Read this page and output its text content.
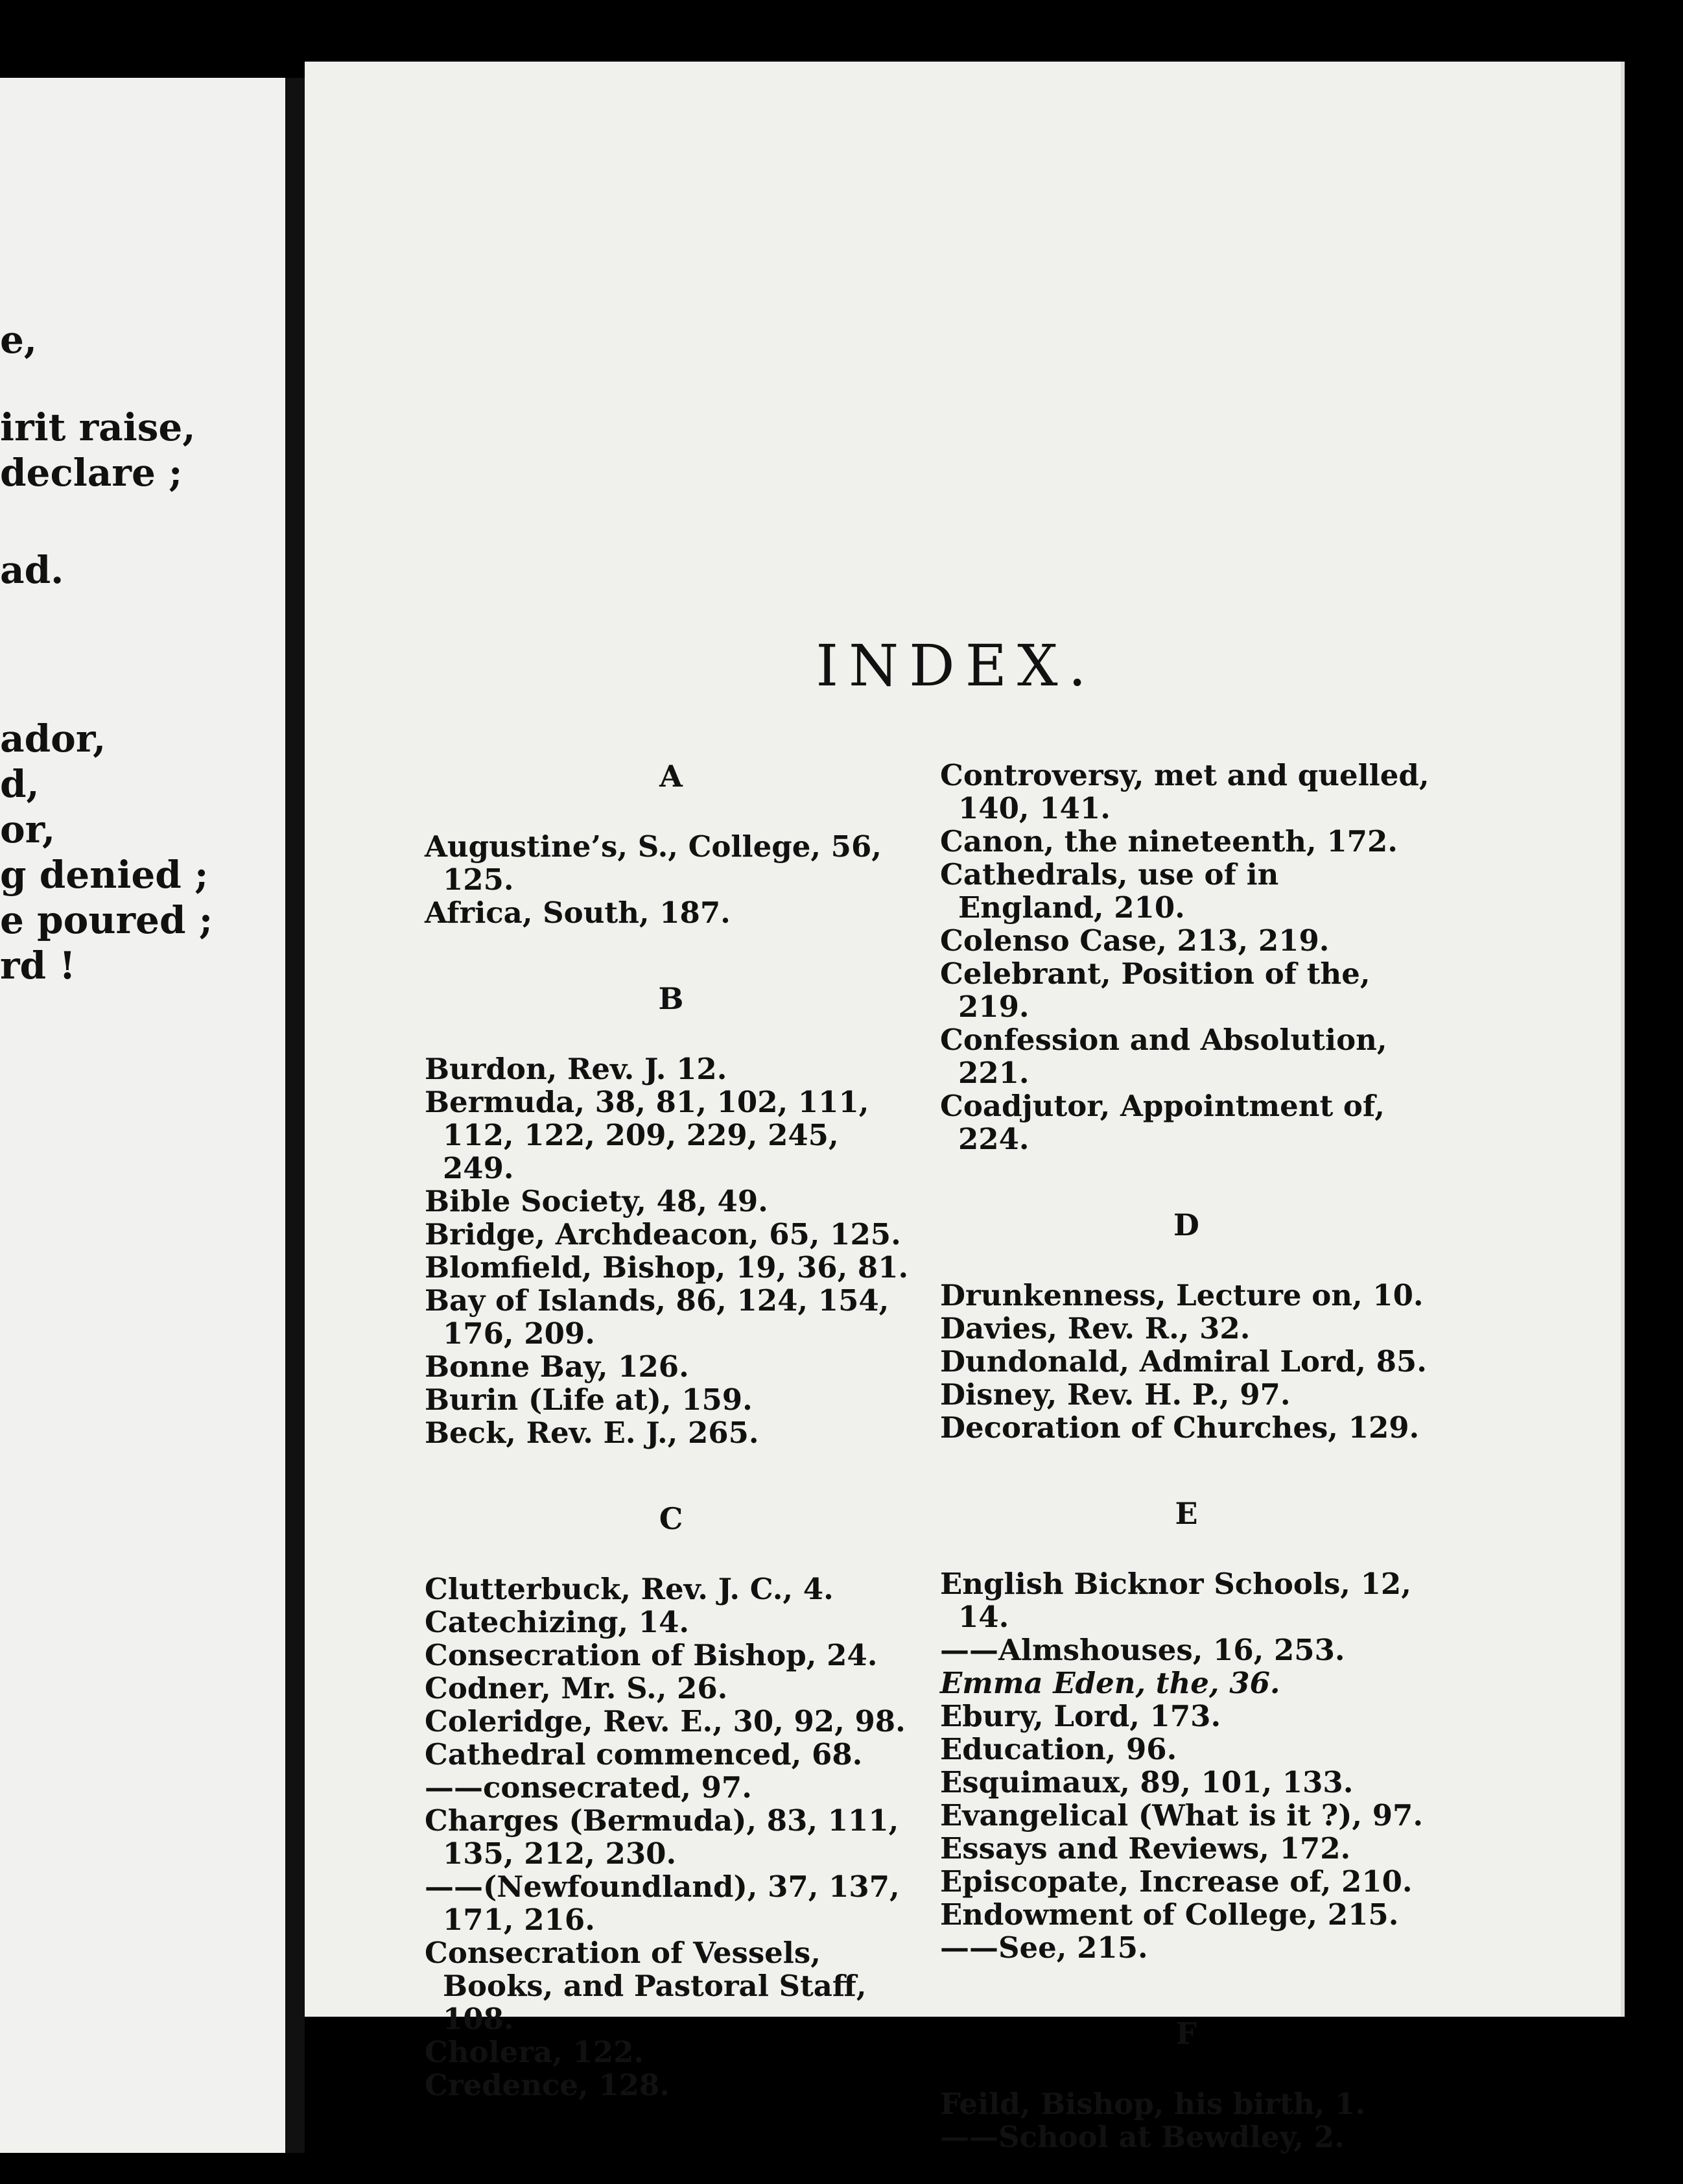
e,
irit raise,
declare ;
ad.
ador,
d,
or,
g denied ;
e poured ;
rd !
INDEX.
A
Augustine’s, S., College, 56, 125.
Africa, South, 187.
B
Burdon, Rev. J. 12.
Bermuda, 38, 81, 102, 111, 112, 122, 209, 229, 245, 249.
Bible Society, 48, 49.
Bridge, Archdeacon, 65, 125.
Blomfield, Bishop, 19, 36, 81.
Bay of Islands, 86, 124, 154, 176, 209.
Bonne Bay, 126.
Burin (Life at), 159.
Beck, Rev. E. J., 265.
C
Clutterbuck, Rev. J. C., 4.
Catechizing, 14.
Consecration of Bishop, 24.
Codner, Mr. S., 26.
Coleridge, Rev. E., 30, 92, 98.
Cathedral commenced, 68.
——consecrated, 97.
Charges (Bermuda), 83, 111, 135, 212, 230.
——(Newfoundland), 37, 137, 171, 216.
Consecration of Vessels, Books, and Pastoral Staff, 108.
Cholera, 122.
Credence, 128.
Controversy, met and quelled, 140, 141.
Canon, the nineteenth, 172.
Cathedrals, use of in England, 210.
Colenso Case, 213, 219.
Celebrant, Position of the, 219.
Confession and Absolution, 221.
Coadjutor, Appointment of, 224.
D
Drunkenness, Lecture on, 10.
Davies, Rev. R., 32.
Dundonald, Admiral Lord, 85.
Disney, Rev. H. P., 97.
Decoration of Churches, 129.
E
English Bicknor Schools, 12, 14.
——Almshouses, 16, 253.
Emma Eden, the, 36.
Ebury, Lord, 173.
Education, 96.
Esquimaux, 89, 101, 133.
Evangelical (What is it ?), 97.
Essays and Reviews, 172.
Episcopate, Increase of, 210.
Endowment of College, 215.
——See, 215.
F
Feild, Bishop, his birth, 1.
——School at Bewdley, 2.
